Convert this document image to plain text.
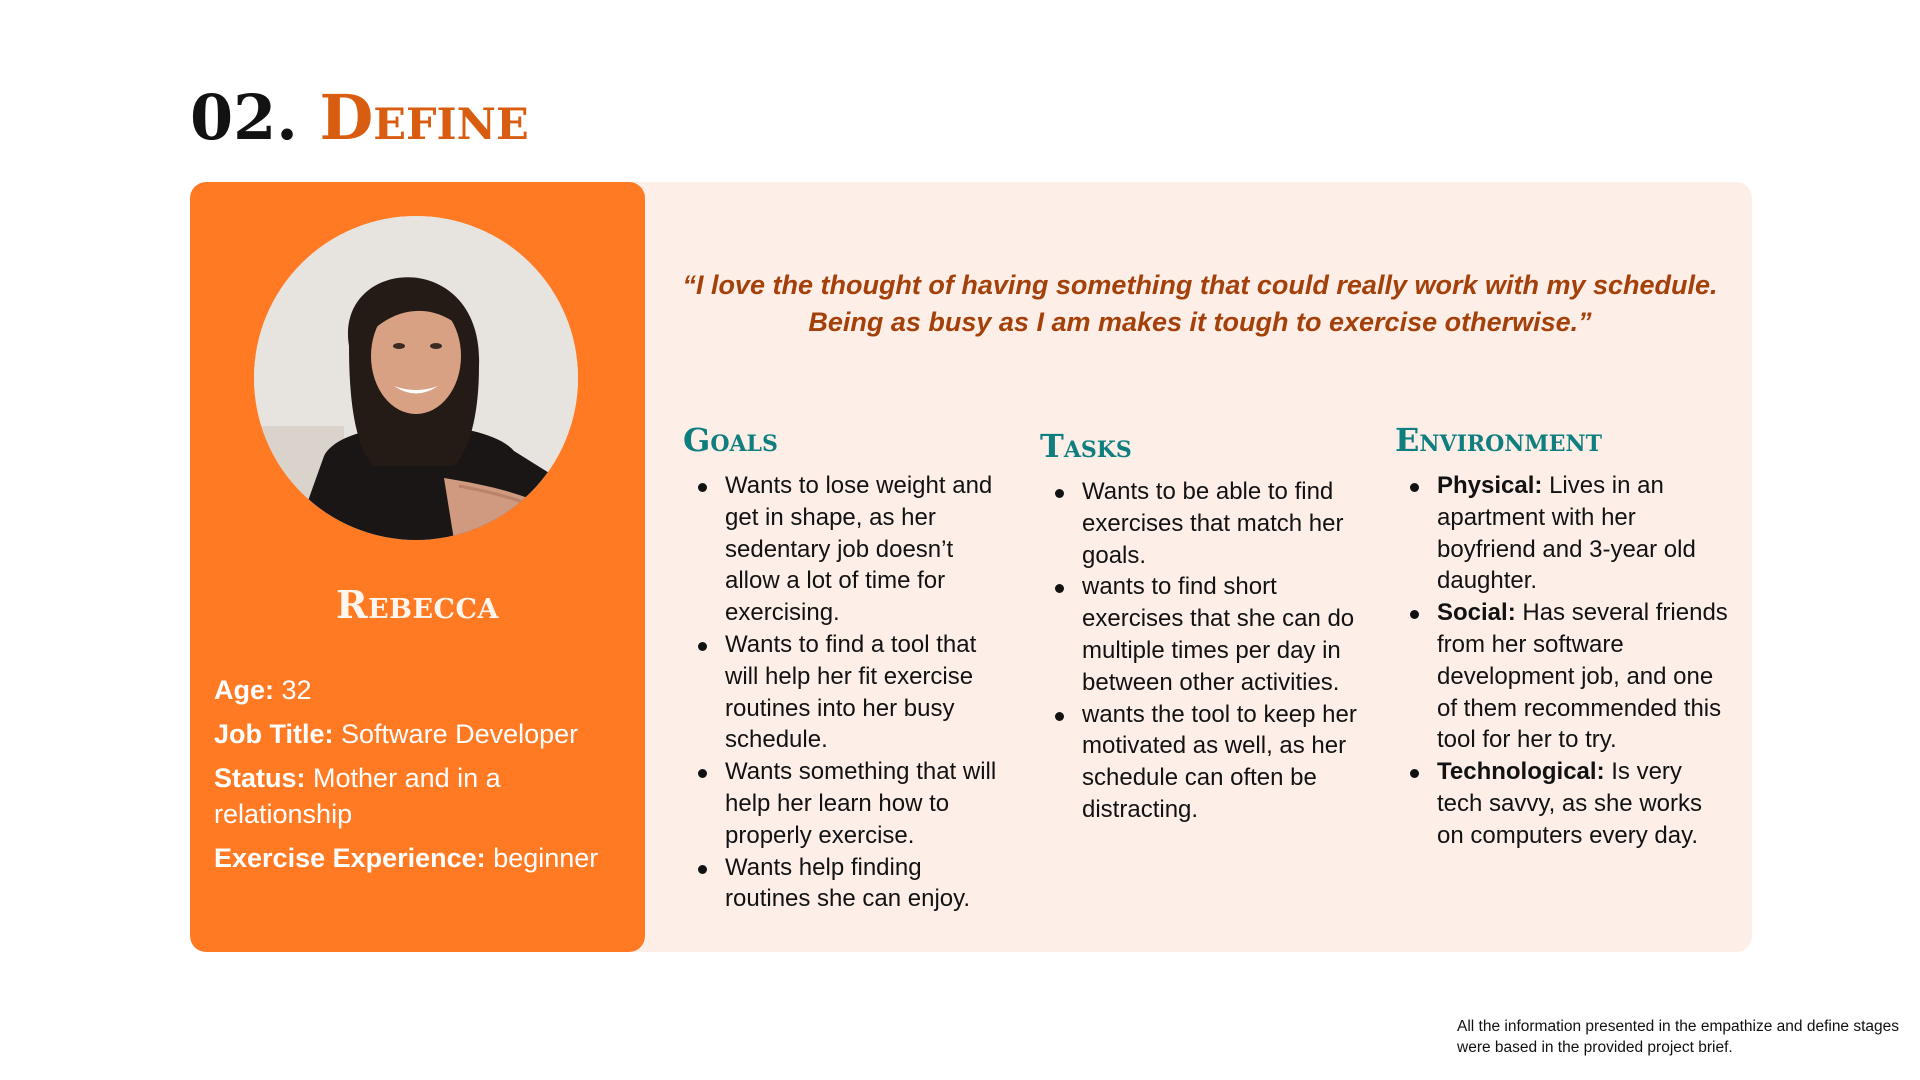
02. Define
Rebecca

Age: 32

Job Title: Software Developer

Status: Mother and in a relationship

Exercise Experience: beginner

“I love the thought of having something that could really work with my schedule. Being as busy as I am makes it tough to exercise otherwise.”

Goals
Wants to lose weight and get in shape, as her sedentary job doesn’t allow a lot of time for exercising.
Wants to find a tool that will help her fit exercise routines into her busy schedule.
Wants something that will help her learn how to properly exercise.
Wants help finding routines she can enjoy.
Tasks
Wants to be able to find exercises that match her goals.
wants to find short exercises that she can do multiple times per day in between other activities.
wants the tool to keep her motivated as well, as her schedule can often be distracting.
Environment
Physical: Lives in an apartment with her boyfriend and 3-year old daughter.
Social: Has several friends from her software development job, and one of them recommended this tool for her to try.
Technological: Is very tech savvy, as she works on computers every day.

All the information presented in the empathize and define stages were based in the provided project brief.
